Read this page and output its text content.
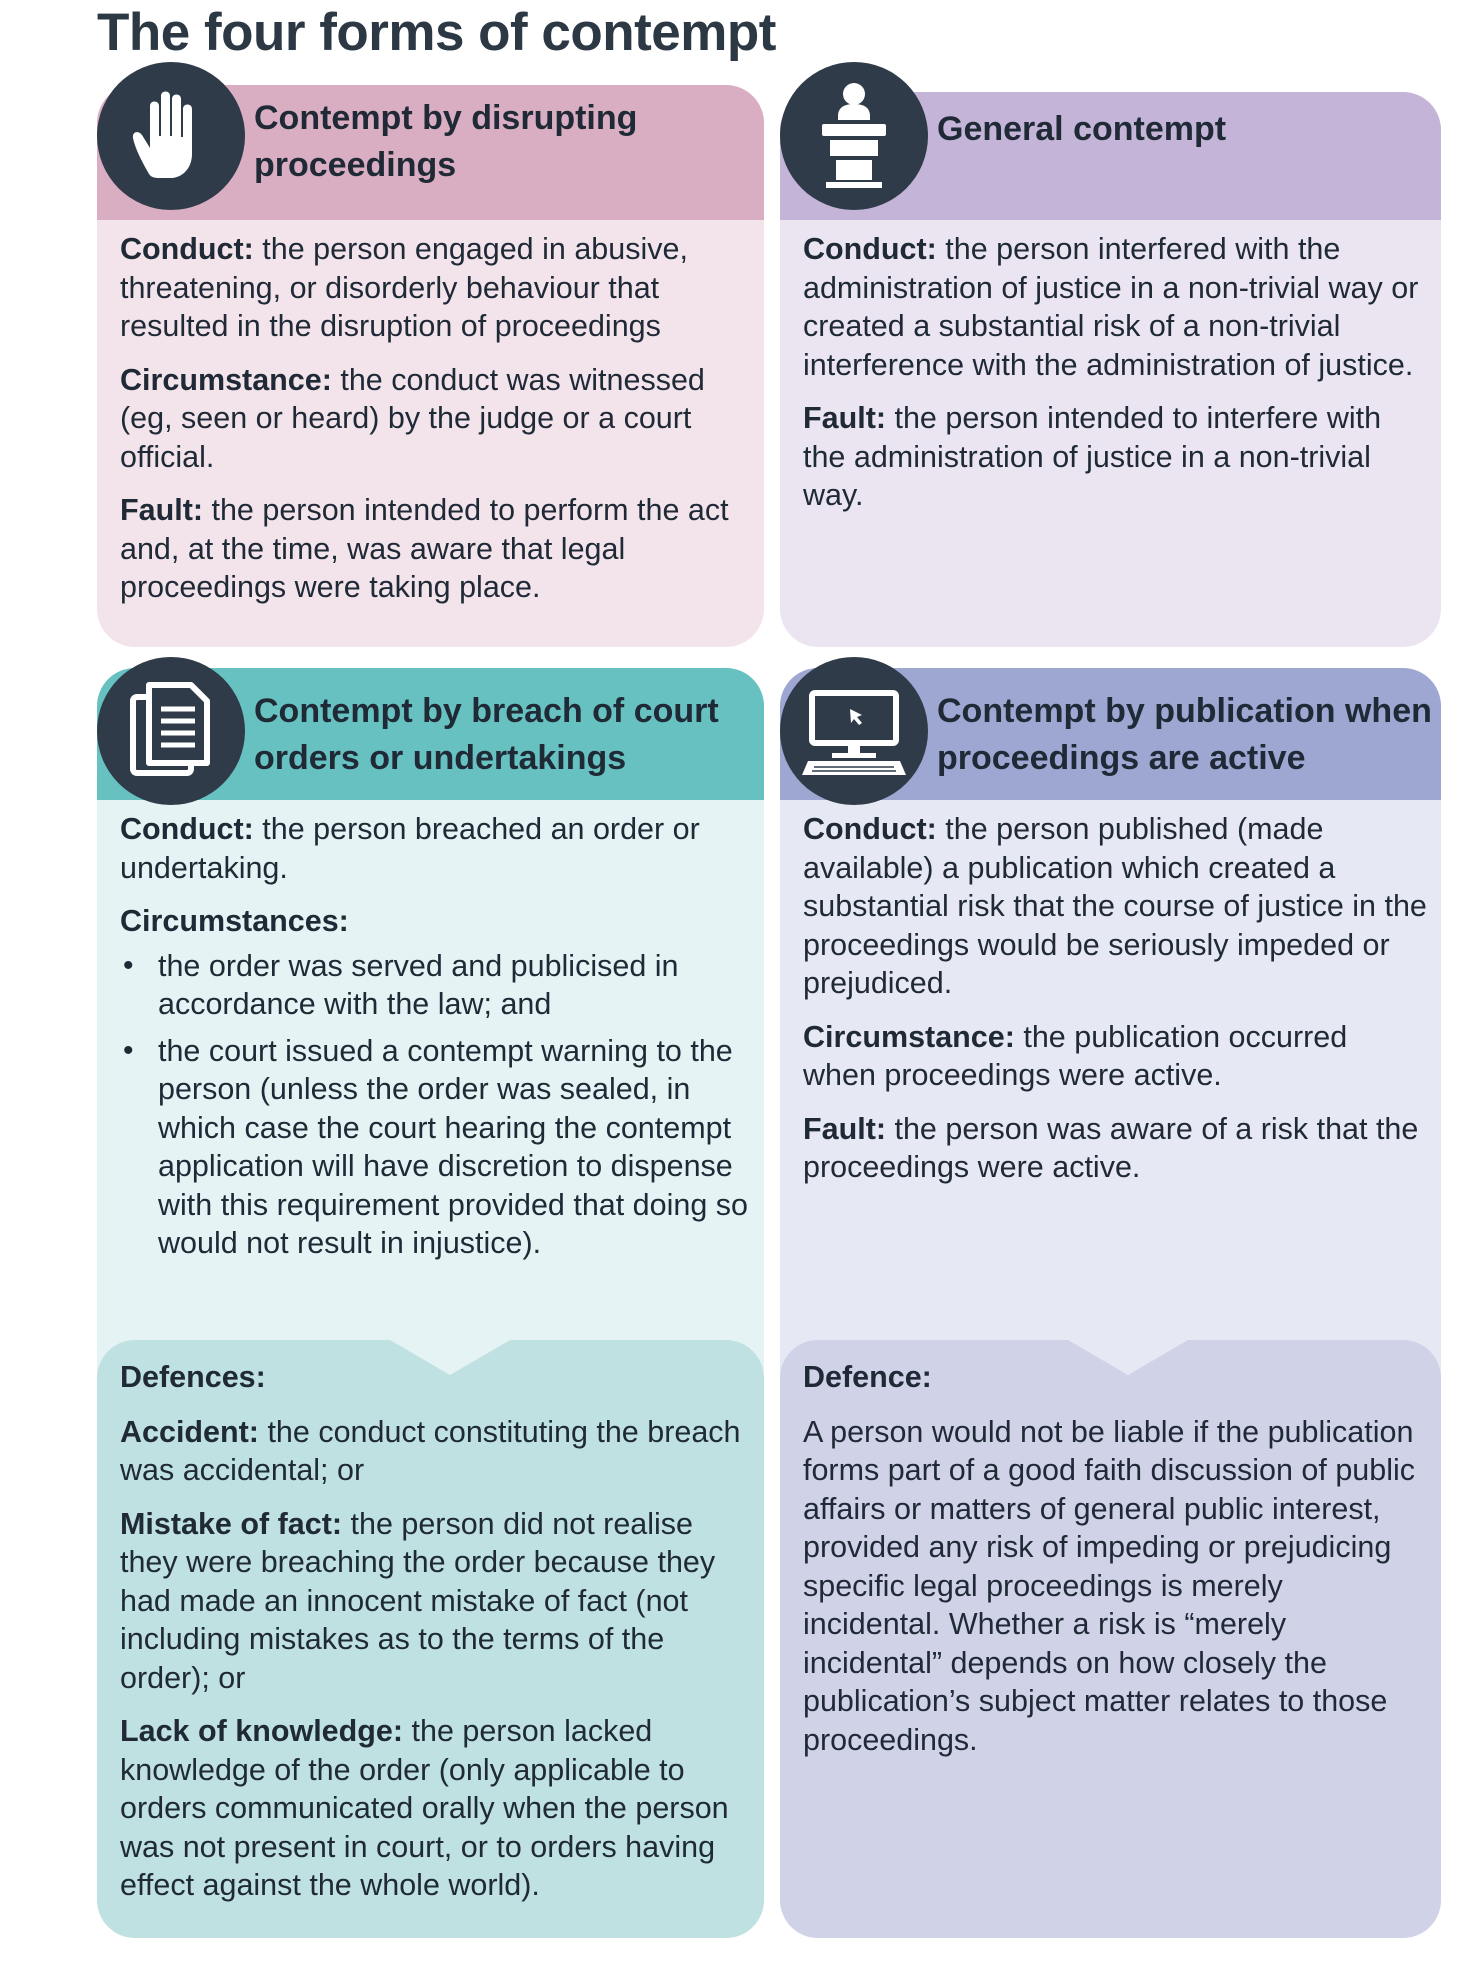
The four forms of contempt
Contempt by disrupting proceedings

Conduct: the person engaged in abusive, threatening, or disorderly behaviour that resulted in the disruption of proceedings

Circumstance: the conduct was witnessed (eg, seen or heard) by the judge or a court official.

Fault: the person intended to perform the act and, at the time, was aware that legal proceedings were taking place.

General contempt

Conduct: the person interfered with the administration of justice in a non-trivial way or created a substantial risk of a non-trivial interference with the administration of justice.

Fault: the person intended to interfere with the administration of justice in a non-trivial way.

Contempt by breach of court orders or undertakings

Conduct: the person breached an order or undertaking.

Circumstances:

• the order was served and publicised in accordance with the law; and
• the court issued a contempt warning to the person (unless the order was sealed, in which case the court hearing the contempt application will have discretion to dispense with this requirement provided that doing so would not result in injustice).
Contempt by publication when proceedings are active

Conduct: the person published (made available) a publication which created a substantial risk that the course of justice in the proceedings would be seriously impeded or prejudiced.

Circumstance: the publication occurred when proceedings were active.

Fault: the person was aware of a risk that the proceedings were active.

Defences:

Accident: the conduct constituting the breach was accidental; or

Mistake of fact: the person did not realise they were breaching the order because they had made an innocent mistake of fact (not including mistakes as to the terms of the order); or

Lack of knowledge: the person lacked knowledge of the order (only applicable to orders communicated orally when the person was not present in court, or to orders having effect against the whole world).

Defence:

A person would not be liable if the publication forms part of a good faith discussion of public affairs or matters of general public interest, provided any risk of impeding or prejudicing specific legal proceedings is merely incidental. Whether a risk is “merely incidental” depends on how closely the publication’s subject matter relates to those proceedings.
